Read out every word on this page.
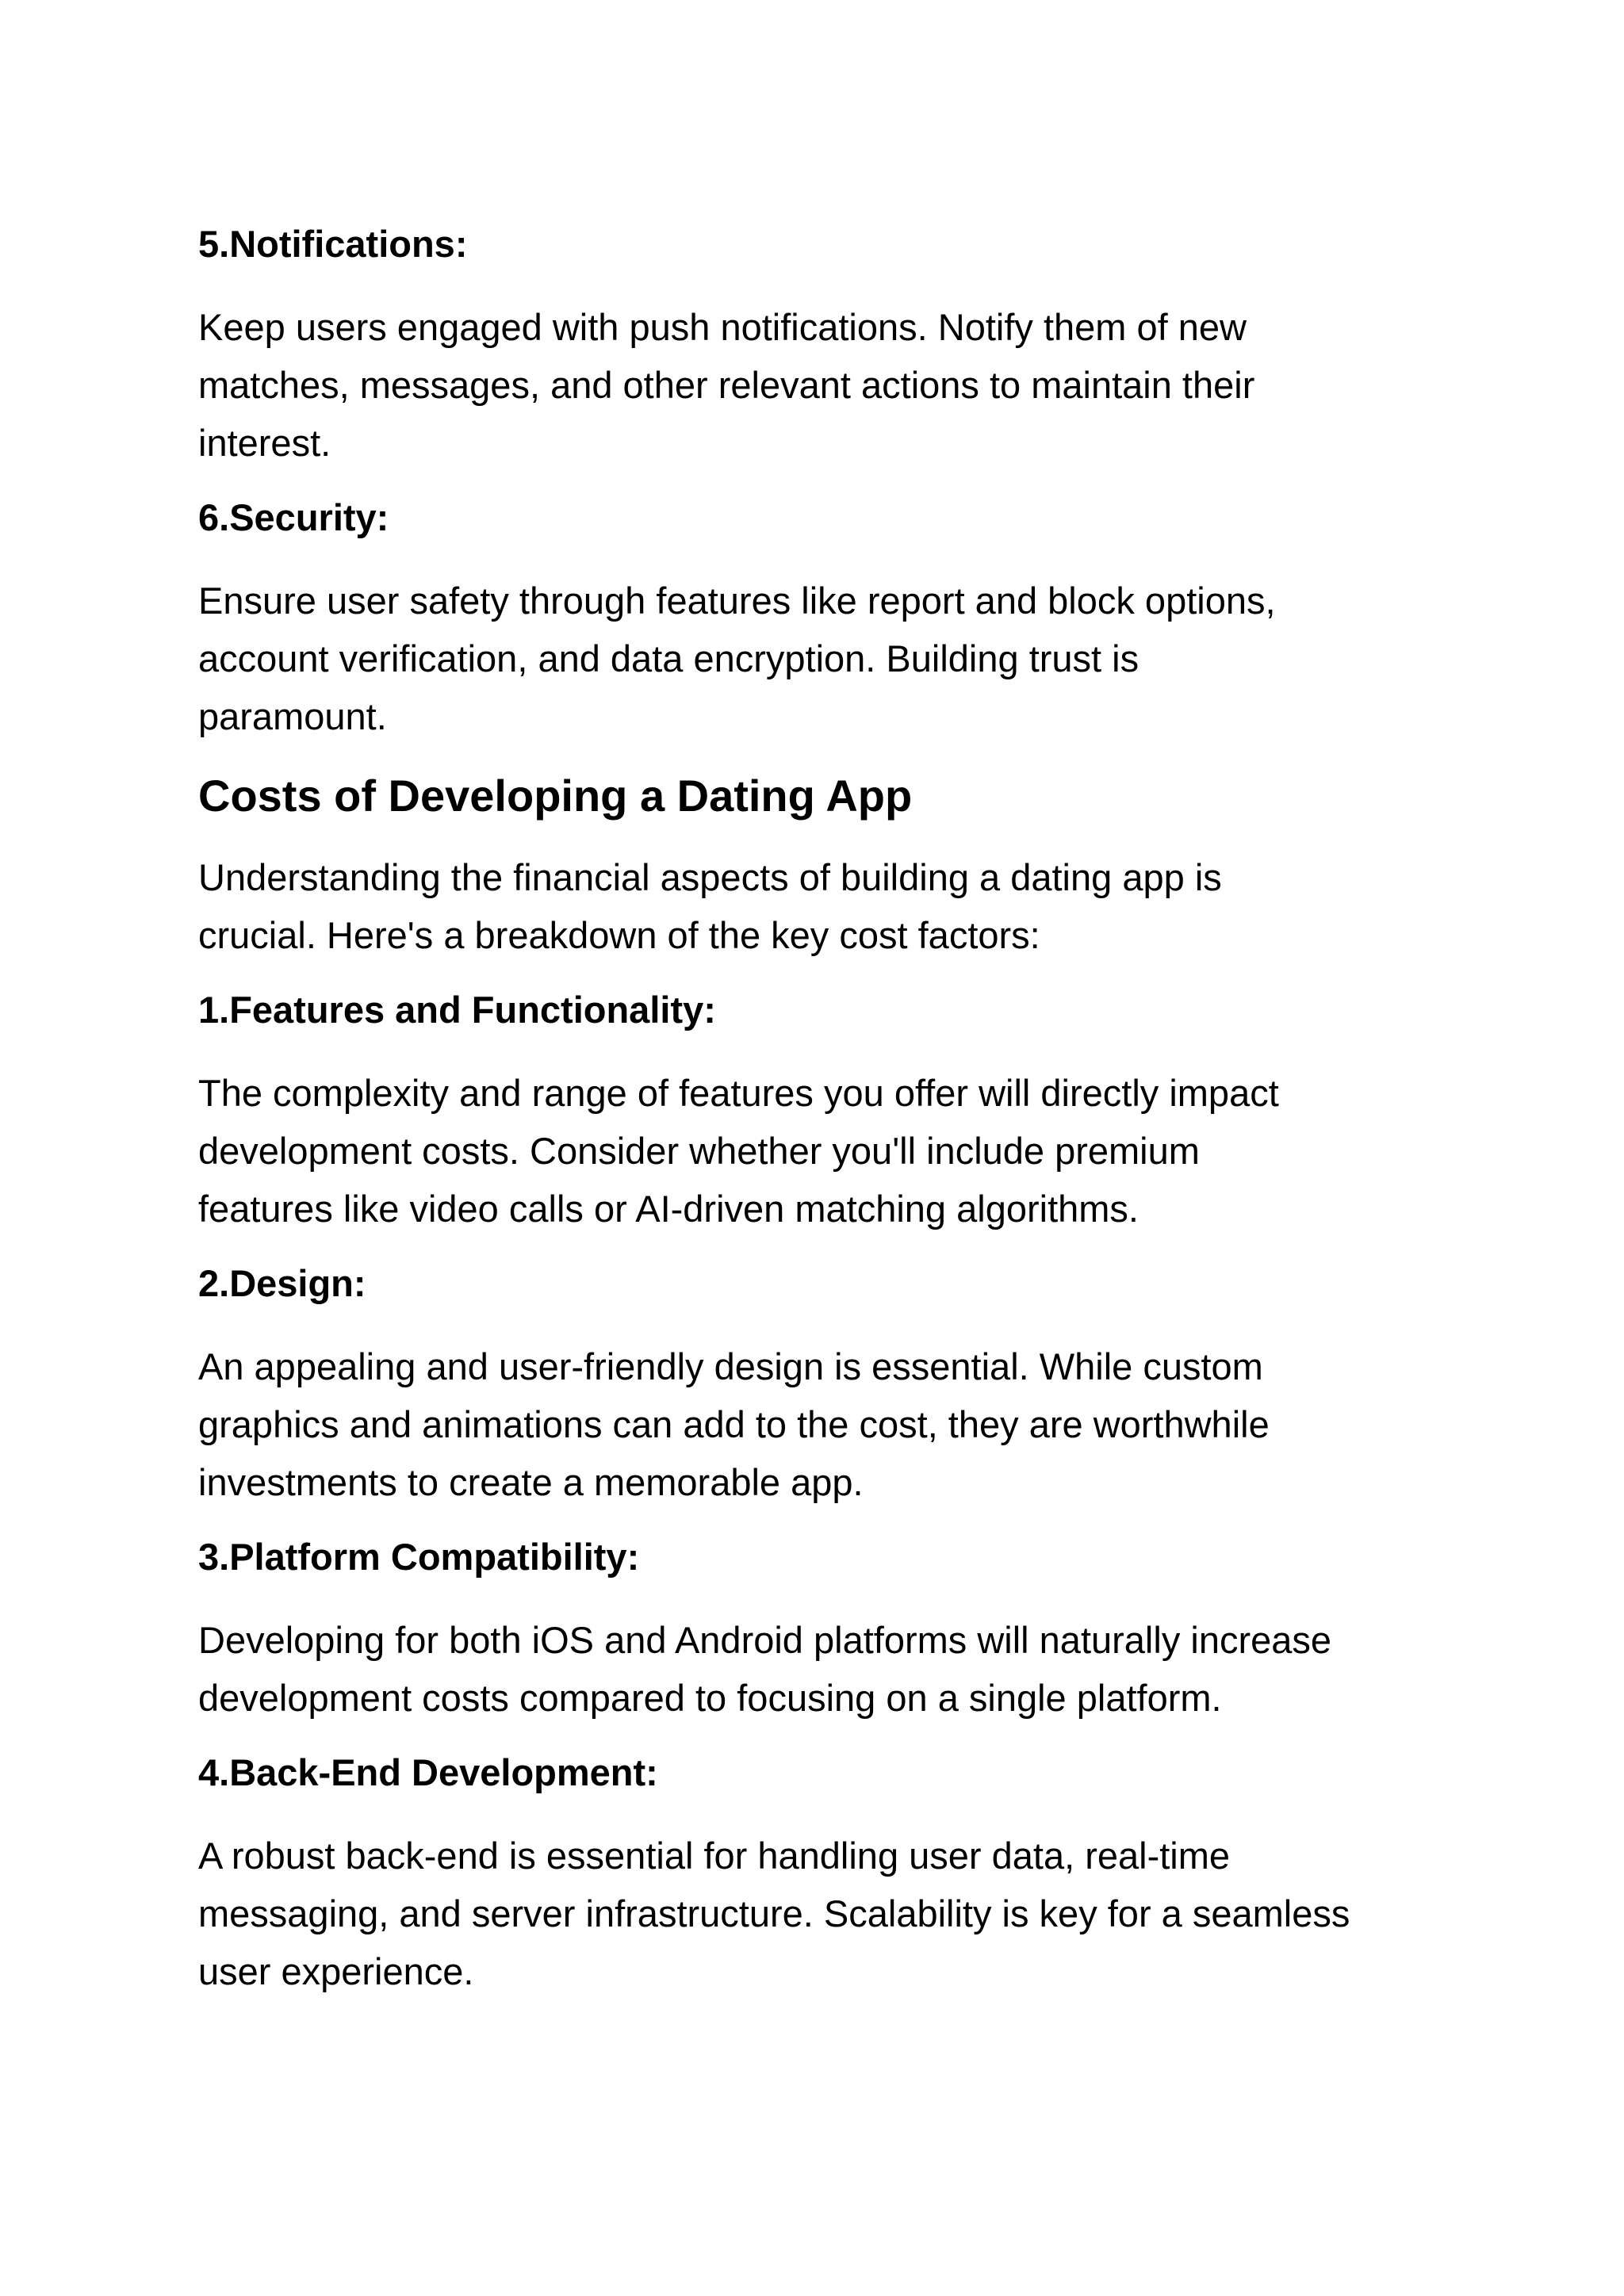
5.Notifications:
Keep users engaged with push notifications. Notify them of new
matches, messages, and other relevant actions to maintain their
interest.
6.Security:
Ensure user safety through features like report and block options,
account verification, and data encryption. Building trust is
paramount.
Costs of Developing a Dating App
Understanding the financial aspects of building a dating app is
crucial. Here's a breakdown of the key cost factors:
1.Features and Functionality:
The complexity and range of features you offer will directly impact
development costs. Consider whether you'll include premium
features like video calls or AI-driven matching algorithms.
2.Design:
An appealing and user-friendly design is essential. While custom
graphics and animations can add to the cost, they are worthwhile
investments to create a memorable app.
3.Platform Compatibility:
Developing for both iOS and Android platforms will naturally increase
development costs compared to focusing on a single platform.
4.Back-End Development:
A robust back-end is essential for handling user data, real-time
messaging, and server infrastructure. Scalability is key for a seamless
user experience.
